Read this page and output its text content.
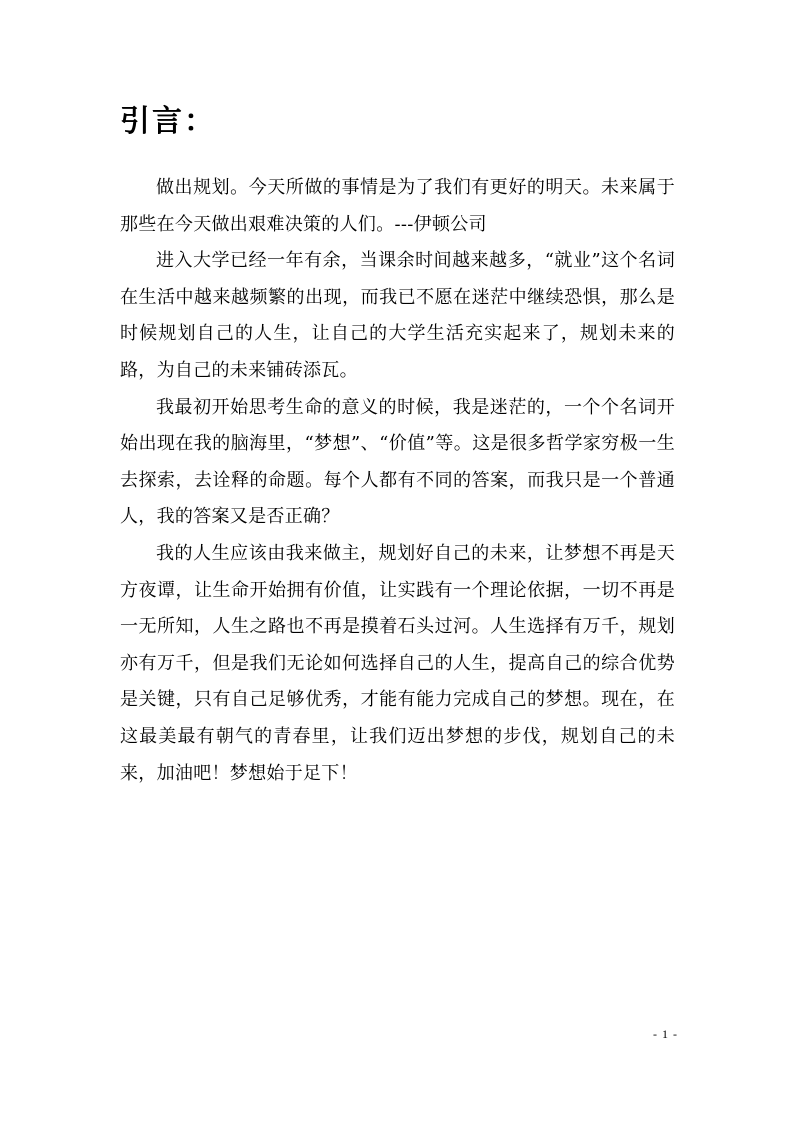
引言：

做出规划。今天所做的事情是为了我们有更好的明天。未来属于那些在今天做出艰难决策的人们。---伊顿公司

进入大学已经一年有余，当课余时间越来越多，“就业”这个名词在生活中越来越频繁的出现，而我已不愿在迷茫中继续恐惧，那么是时候规划自己的人生，让自己的大学生活充实起来了，规划未来的路，为自己的未来铺砖添瓦。

我最初开始思考生命的意义的时候，我是迷茫的，一个个名词开始出现在我的脑海里，“梦想”、“价值”等。这是很多哲学家穷极一生去探索，去诠释的命题。每个人都有不同的答案，而我只是一个普通人，我的答案又是否正确？

我的人生应该由我来做主，规划好自己的未来，让梦想不再是天方夜谭，让生命开始拥有价值，让实践有一个理论依据，一切不再是一无所知，人生之路也不再是摸着石头过河。人生选择有万千，规划亦有万千，但是我们无论如何选择自己的人生，提高自己的综合优势是关键，只有自己足够优秀，才能有能力完成自己的梦想。现在，在这最美最有朝气的青春里，让我们迈出梦想的步伐，规划自己的未来，加油吧！梦想始于足下！

- 1 -
